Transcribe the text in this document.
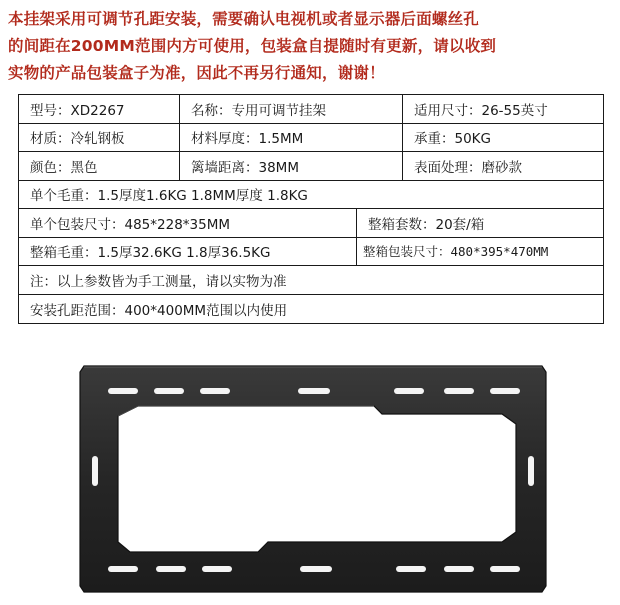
本挂架采用可调节孔距安装，需要确认电视机或者显示器后面螺丝孔
的间距在200MM范围内方可使用，包装盒自提随时有更新，请以收到
实物的产品包装盒子为准，因此不再另行通知，谢谢！
型号：XD2267	名称：专用可调节挂架	适用尺寸：26-55英寸
材质：冷轧钢板	材料厚度：1.5MM	承重：50KG
颜色：黑色	篱墙距离：38MM	表面处理：磨砂款
单个毛重：1.5厚度1.6KG 1.8MM厚度 1.8KG
单个包装尺寸：485*228*35MM	整箱套数：20套/箱
整箱毛重：1.5厚32.6KG 1.8厚36.5KG	整箱包装尺寸：480*395*470MM
注：以上参数皆为手工测量，请以实物为准
安装孔距范围：400*400MM范围以内使用
